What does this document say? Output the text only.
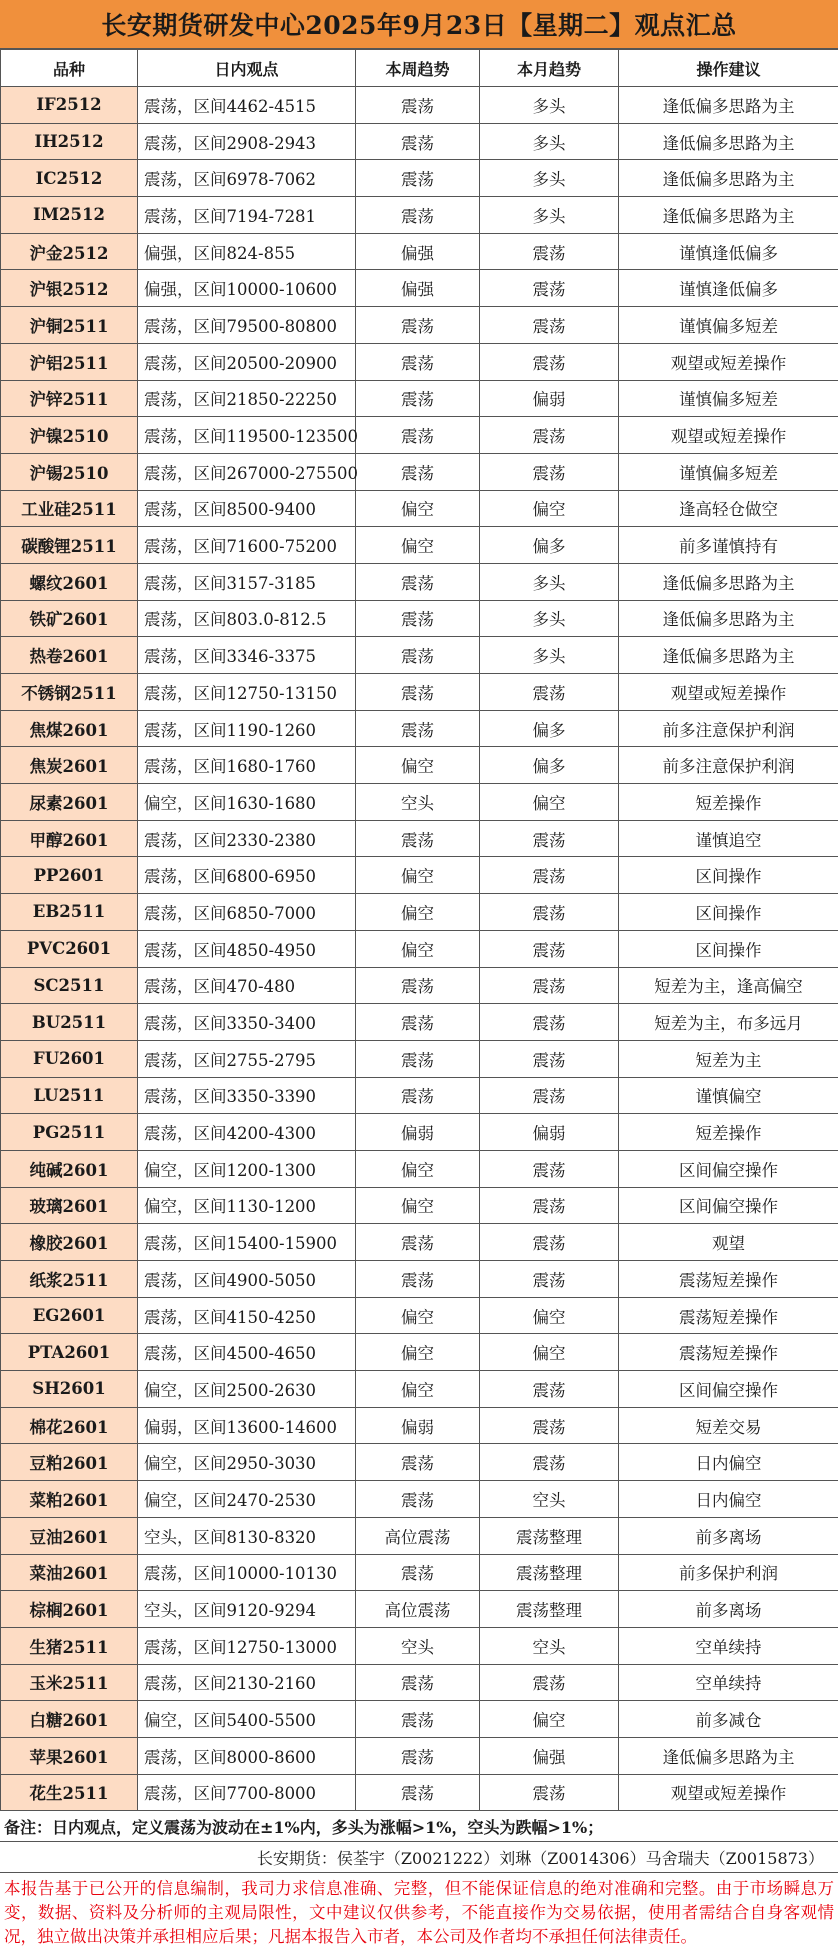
长安期货研发中心2025年9月23日【星期二】观点汇总
品种	日内观点	本周趋势	本月趋势	操作建议
IF2512	震荡，区间4462-4515	震荡	多头	逢低偏多思路为主
IH2512	震荡，区间2908-2943	震荡	多头	逢低偏多思路为主
IC2512	震荡，区间6978-7062	震荡	多头	逢低偏多思路为主
IM2512	震荡，区间7194-7281	震荡	多头	逢低偏多思路为主
沪金2512	偏强，区间824-855	偏强	震荡	谨慎逢低偏多
沪银2512	偏强，区间10000-10600	偏强	震荡	谨慎逢低偏多
沪铜2511	震荡，区间79500-80800	震荡	震荡	谨慎偏多短差
沪铝2511	震荡，区间20500-20900	震荡	震荡	观望或短差操作
沪锌2511	震荡，区间21850-22250	震荡	偏弱	谨慎偏多短差
沪镍2510	震荡，区间119500-123500	震荡	震荡	观望或短差操作
沪锡2510	震荡，区间267000-275500	震荡	震荡	谨慎偏多短差
工业硅2511	震荡，区间8500-9400	偏空	偏空	逢高轻仓做空
碳酸锂2511	震荡，区间71600-75200	偏空	偏多	前多谨慎持有
螺纹2601	震荡，区间3157-3185	震荡	多头	逢低偏多思路为主
铁矿2601	震荡，区间803.0-812.5	震荡	多头	逢低偏多思路为主
热卷2601	震荡，区间3346-3375	震荡	多头	逢低偏多思路为主
不锈钢2511	震荡，区间12750-13150	震荡	震荡	观望或短差操作
焦煤2601	震荡，区间1190-1260	震荡	偏多	前多注意保护利润
焦炭2601	震荡，区间1680-1760	偏空	偏多	前多注意保护利润
尿素2601	偏空，区间1630-1680	空头	偏空	短差操作
甲醇2601	震荡，区间2330-2380	震荡	震荡	谨慎追空
PP2601	震荡，区间6800-6950	偏空	震荡	区间操作
EB2511	震荡，区间6850-7000	偏空	震荡	区间操作
PVC2601	震荡，区间4850-4950	偏空	震荡	区间操作
SC2511	震荡，区间470-480	震荡	震荡	短差为主，逢高偏空
BU2511	震荡，区间3350-3400	震荡	震荡	短差为主，布多远月
FU2601	震荡，区间2755-2795	震荡	震荡	短差为主
LU2511	震荡，区间3350-3390	震荡	震荡	谨慎偏空
PG2511	震荡，区间4200-4300	偏弱	偏弱	短差操作
纯碱2601	偏空，区间1200-1300	偏空	震荡	区间偏空操作
玻璃2601	偏空，区间1130-1200	偏空	震荡	区间偏空操作
橡胶2601	震荡，区间15400-15900	震荡	震荡	观望
纸浆2511	震荡，区间4900-5050	震荡	震荡	震荡短差操作
EG2601	震荡，区间4150-4250	偏空	偏空	震荡短差操作
PTA2601	震荡，区间4500-4650	偏空	偏空	震荡短差操作
SH2601	偏空，区间2500-2630	偏空	震荡	区间偏空操作
棉花2601	偏弱，区间13600-14600	偏弱	震荡	短差交易
豆粕2601	偏空，区间2950-3030	震荡	震荡	日内偏空
菜粕2601	偏空，区间2470-2530	震荡	空头	日内偏空
豆油2601	空头，区间8130-8320	高位震荡	震荡整理	前多离场
菜油2601	震荡，区间10000-10130	震荡	震荡整理	前多保护利润
棕榈2601	空头，区间9120-9294	高位震荡	震荡整理	前多离场
生猪2511	震荡，区间12750-13000	空头	空头	空单续持
玉米2511	震荡，区间2130-2160	震荡	震荡	空单续持
白糖2601	偏空，区间5400-5500	震荡	偏空	前多减仓
苹果2601	震荡，区间8000-8600	震荡	偏强	逢低偏多思路为主
花生2511	震荡，区间7700-8000	震荡	震荡	观望或短差操作
备注：日内观点，定义震荡为波动在±1%内，多头为涨幅>1%，空头为跌幅>1%；
长安期货：侯荃宇（Z0021222）刘琳（Z0014306）马舍瑞夫（Z0015873）
本报告基于已公开的信息编制，我司力求信息准确、完整，但不能保证信息的绝对准确和完整。由于市场瞬息万变，数据、资料及分析师的主观局限性，文中建议仅供参考，不能直接作为交易依据，使用者需结合自身客观情况，独立做出决策并承担相应后果；凡据本报告入市者，本公司及作者均不承担任何法律责任。
